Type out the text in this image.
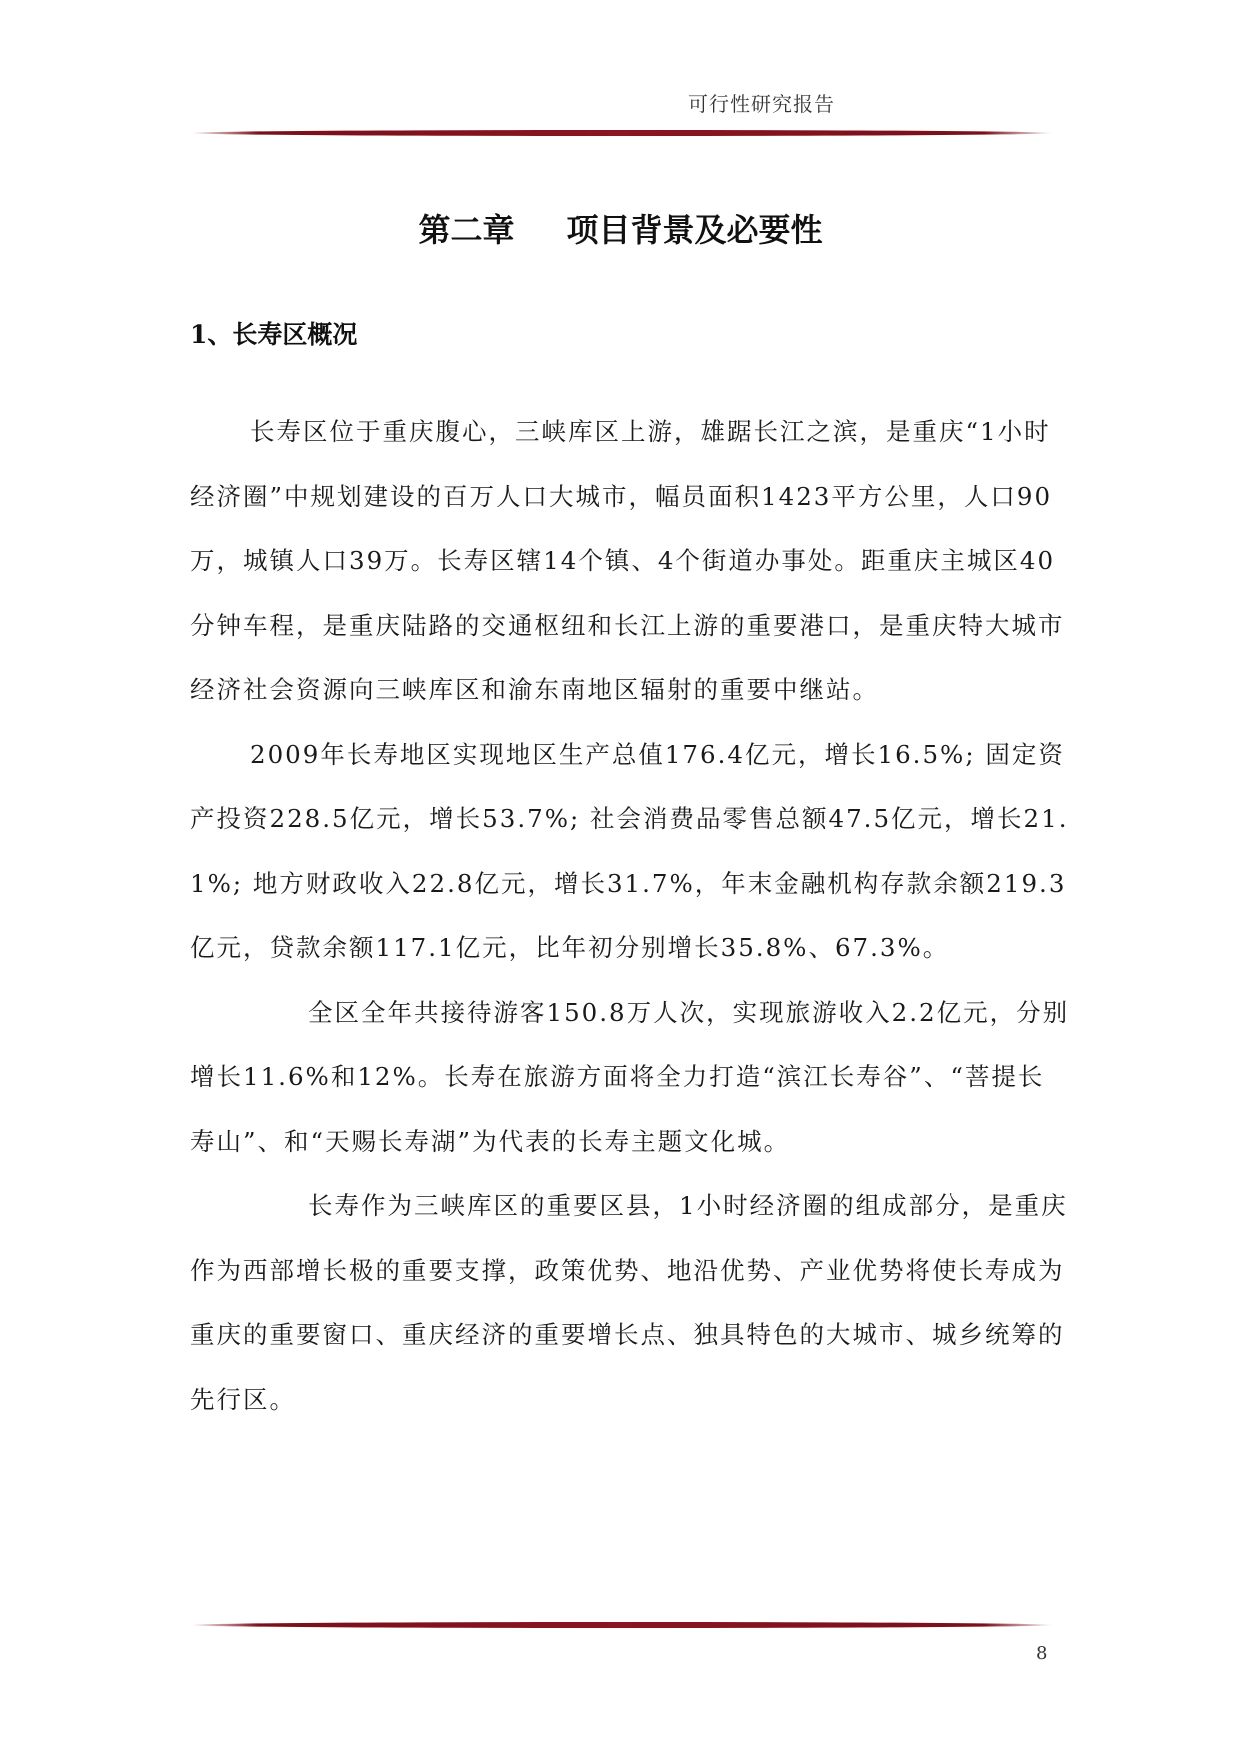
可行性研究报告
第二章 项目背景及必要性
1、长寿区概况

长寿区位于重庆腹心，三峡库区上游，雄踞长江之滨，是重庆“1小时经济圈”中规划建设的百万人口大城市，幅员面积1423平方公里，人口90万，城镇人口39万。长寿区辖14个镇、4个街道办事处。距重庆主城区40分钟车程，是重庆陆路的交通枢纽和长江上游的重要港口，是重庆特大城市经济社会资源向三峡库区和渝东南地区辐射的重要中继站。

2009年长寿地区实现地区生产总值176.4亿元，增长16.5%; 固定资产投资228.5亿元，增长53.7%; 社会消费品零售总额47.5亿元，增长21.1%; 地方财政收入22.8亿元，增长31.7%，年末金融机构存款余额219.3亿元，贷款余额117.1亿元，比年初分别增长35.8%、67.3%。

全区全年共接待游客150.8万人次，实现旅游收入2.2亿元，分别增长11.6%和12%。长寿在旅游方面将全力打造“滨江长寿谷”、“菩提长寿山”、和“天赐长寿湖”为代表的长寿主题文化城。

长寿作为三峡库区的重要区县，1小时经济圈的组成部分，是重庆作为西部增长极的重要支撑，政策优势、地沿优势、产业优势将使长寿成为重庆的重要窗口、重庆经济的重要增长点、独具特色的大城市、城乡统筹的先行区。

8
